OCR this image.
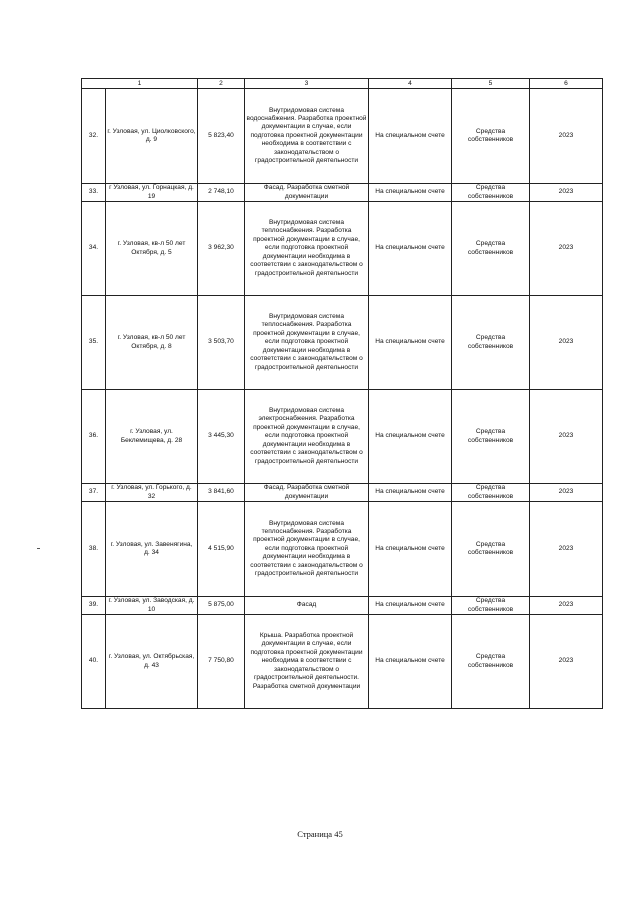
1		2	3	4	5	6
32.	г. Узловая, ул. Циолковского, д. 9	5 823,40	Внутридомовая система водоснабжения. Разработка проектной документации в случае, если подготовка проектной документации необходима в соответствии с законодательством о градостроительной деятельности	На специальном счете	Средства собственников	2023
33.	г Узловая, ул. Горнацкая, д. 19	2 748,10	Фасад. Разработка сметной документации	На специальном счете	Средства собственников	2023
34.	г. Узловая, кв-л 50 лет Октября, д. 5	3 962,30	Внутридомовая система теплоснабжения. Разработка проектной документации в случае, если подготовка проектной документации необходима в соответствии с законодательством о градостроительной деятельности	На специальном счете	Средства собственников	2023
35.	г. Узловая, кв-л 50 лет Октября, д. 8	3 503,70	Внутридомовая система теплоснабжения. Разработка проектной документации в случае, если подготовка проектной документации необходима в соответствии с законодательством о градостроительной деятельности	На специальном счете	Средства собственников	2023
36.	г. Узловая, ул. Беклемищева, д. 28	3 445,30	Внутридомовая система электроснабжения. Разработка проектной документации в случае, если подготовка проектной документации необходима в соответствии с законодательством о градостроительной деятельности	На специальном счете	Средства собственников	2023
37.	г. Узловая, ул. Горького, д. 32	3 841,60	Фасад. Разработка сметной документации	На специальном счете	Средства собственников	2023
38.	г. Узловая, ул. Завенягина, д. 34	4 515,90	Внутридомовая система теплоснабжения. Разработка проектной документации в случае, если подготовка проектной документации необходима в соответствии с законодательством о градостроительной деятельности	На специальном счете	Средства собственников	2023
39.	г. Узловая, ул. Заводская, д. 10	5 875,00	Фасад	На специальном счете	Средства собственников	2023
40.	г. Узловая, ул. Октябрьская, д. 43	7 750,80	Крыша. Разработка проектной документации в случае, если подготовка проектной документации необходима в соответствии с законодательством о градостроительной деятельности. Разработка сметной документации	На специальном счете	Средства собственников	2023
Страница 45
